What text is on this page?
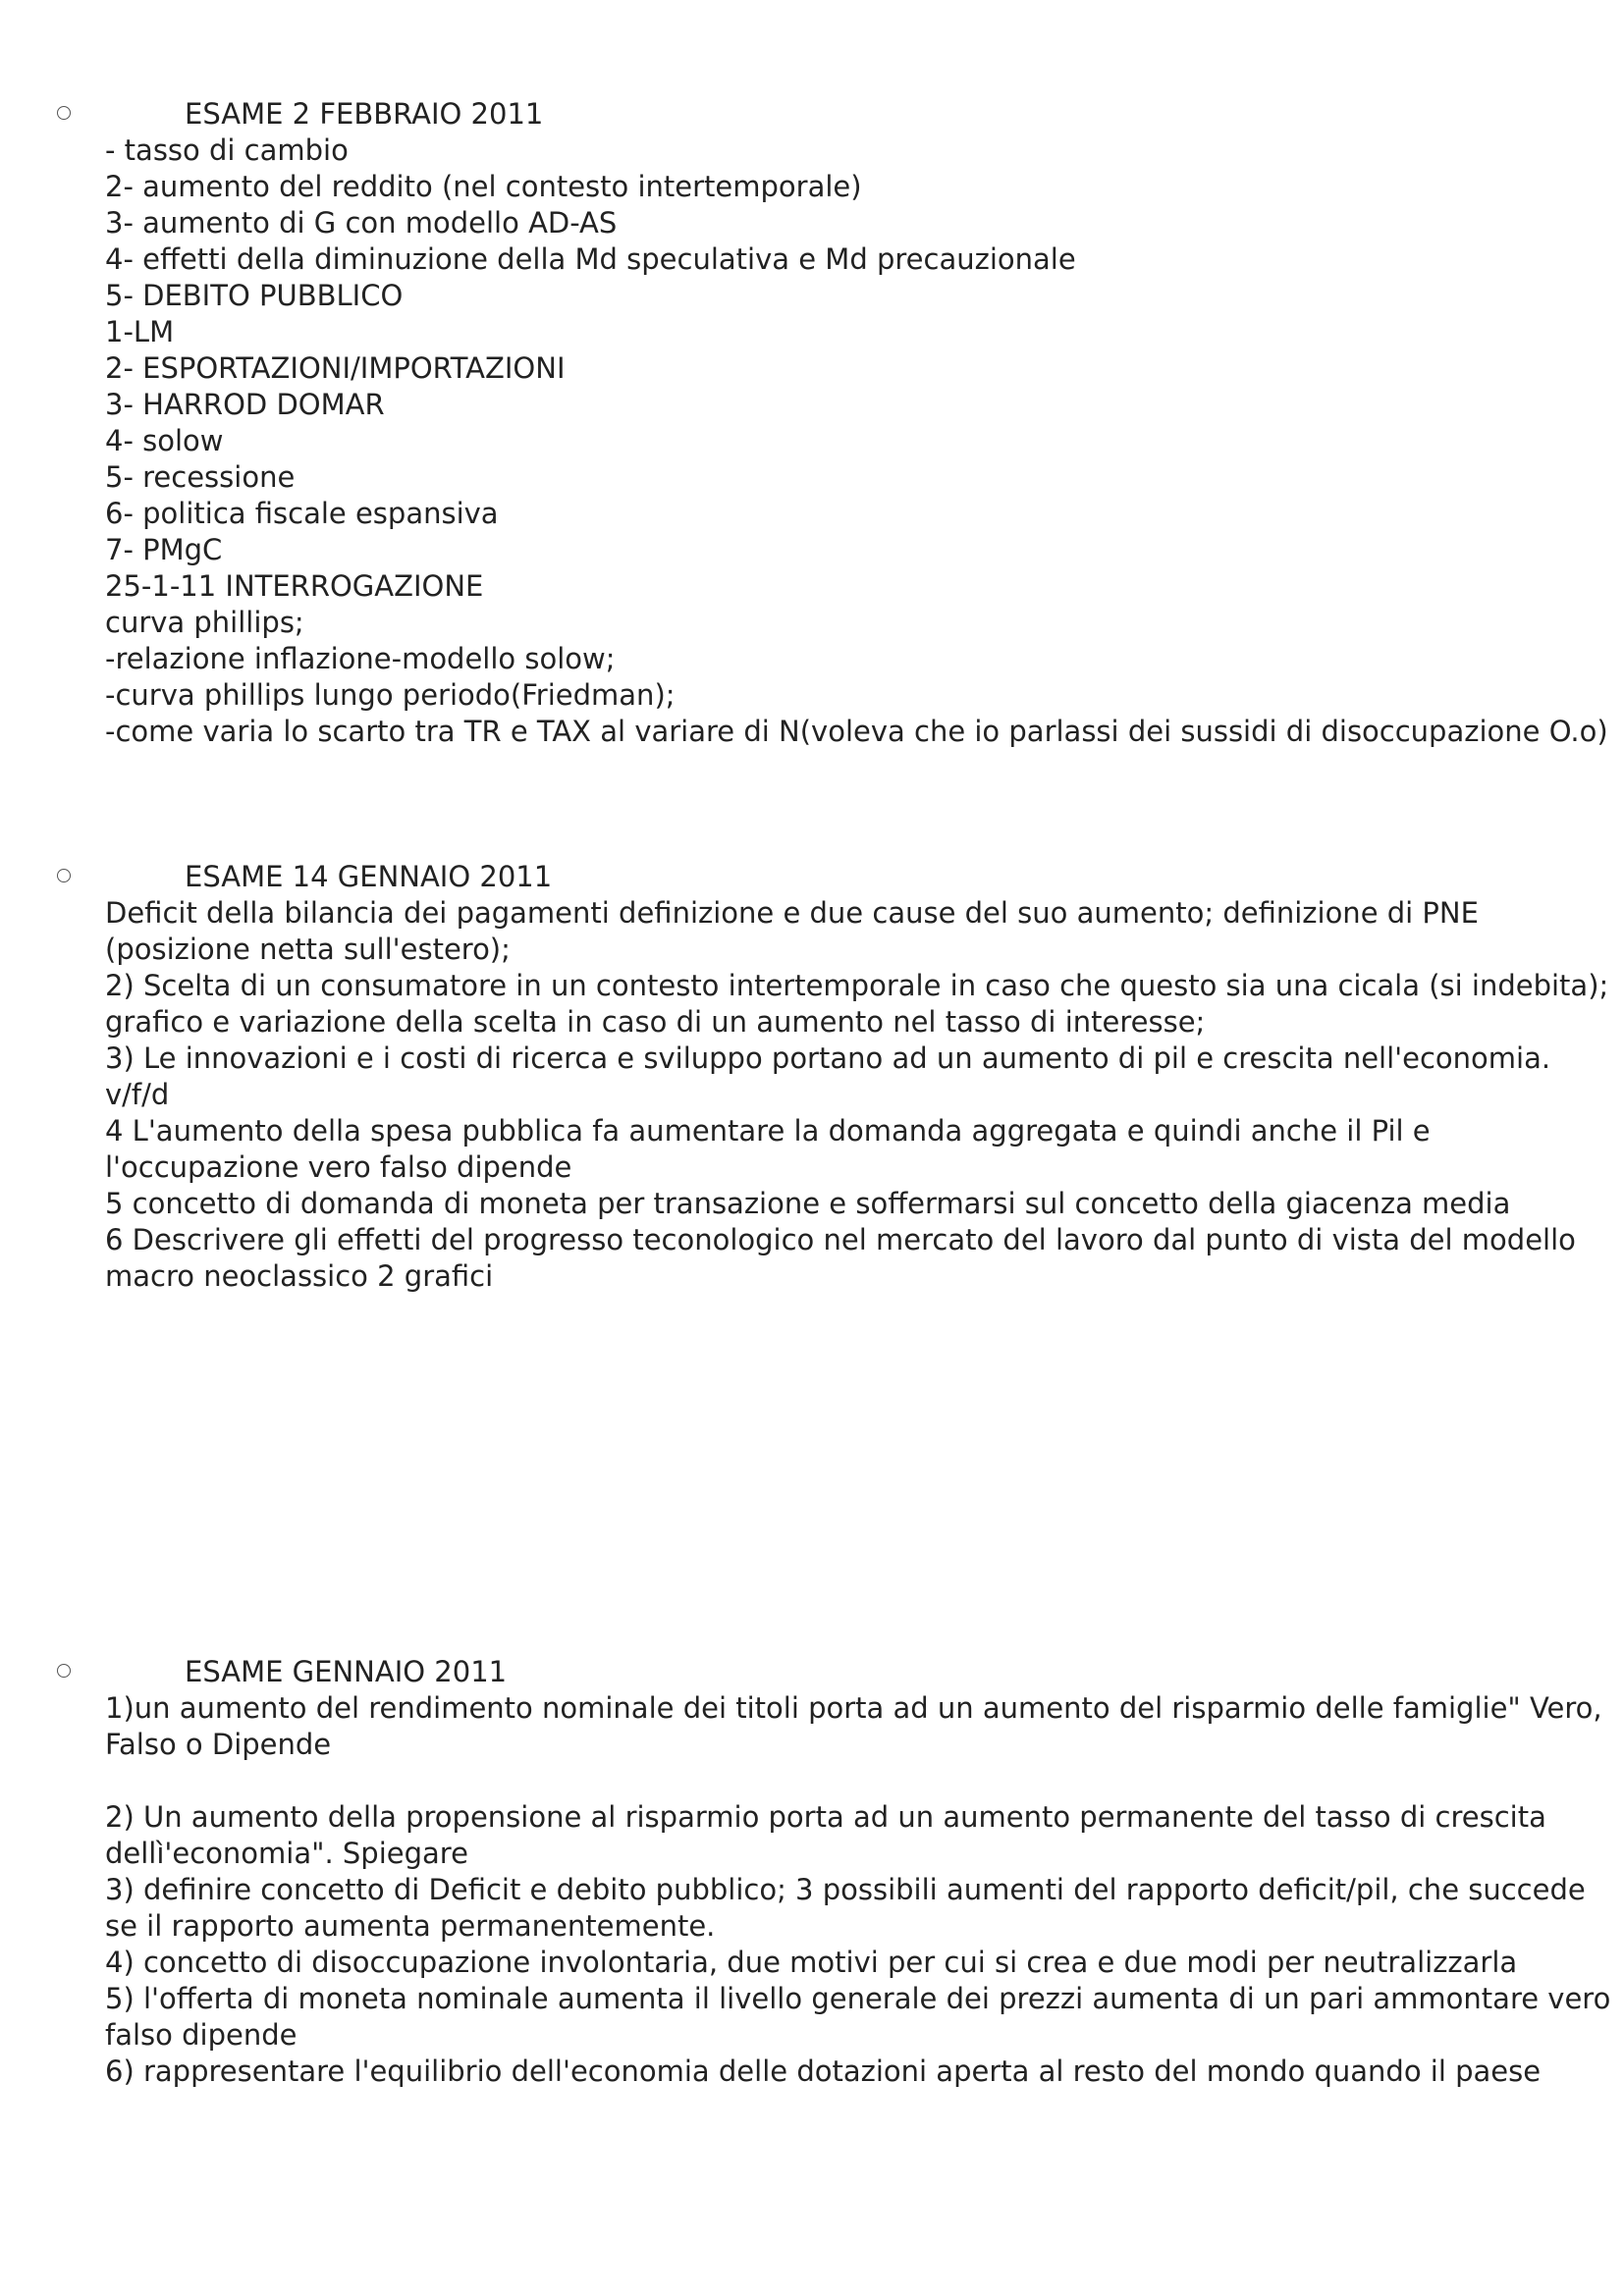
ESAME 2 FEBBRAIO 2011
- tasso di cambio
2- aumento del reddito (nel contesto intertemporale)
3- aumento di G con modello AD-AS
4- effetti della diminuzione della Md speculativa e Md precauzionale
5- DEBITO PUBBLICO
1-LM
2- ESPORTAZIONI/IMPORTAZIONI
3- HARROD DOMAR
4- solow
5- recessione
6- politica fiscale espansiva
7- PMgC
25-1-11 INTERROGAZIONE
curva phillips;
-relazione inflazione-modello solow;
-curva phillips lungo periodo(Friedman);
-come varia lo scarto tra TR e TAX al variare di N(voleva che io parlassi dei sussidi di disoccupazione O.o)
ESAME 14 GENNAIO 2011
Deficit della bilancia dei pagamenti definizione e due cause del suo aumento; definizione di PNE
(posizione netta sull'estero);
2) Scelta di un consumatore in un contesto intertemporale in caso che questo sia una cicala (si indebita);
grafico e variazione della scelta in caso di un aumento nel tasso di interesse;
3) Le innovazioni e i costi di ricerca e sviluppo portano ad un aumento di pil e crescita nell'economia.
v/f/d
4 L'aumento della spesa pubblica fa aumentare la domanda aggregata e quindi anche il Pil e
l'occupazione vero falso dipende
5 concetto di domanda di moneta per transazione e soffermarsi sul concetto della giacenza media
6 Descrivere gli effetti del progresso teconologico nel mercato del lavoro dal punto di vista del modello
macro neoclassico 2 grafici
ESAME GENNAIO 2011
1)un aumento del rendimento nominale dei titoli porta ad un aumento del risparmio delle famiglie" Vero,
Falso o Dipende
2) Un aumento della propensione al risparmio porta ad un aumento permanente del tasso di crescita
dellì'economia". Spiegare
3) definire concetto di Deficit e debito pubblico; 3 possibili aumenti del rapporto deficit/pil, che succede
se il rapporto aumenta permanentemente.
4) concetto di disoccupazione involontaria, due motivi per cui si crea e due modi per neutralizzarla
5) l'offerta di moneta nominale aumenta il livello generale dei prezzi aumenta di un pari ammontare vero
falso dipende
6) rappresentare l'equilibrio dell'economia delle dotazioni aperta al resto del mondo quando il paese
